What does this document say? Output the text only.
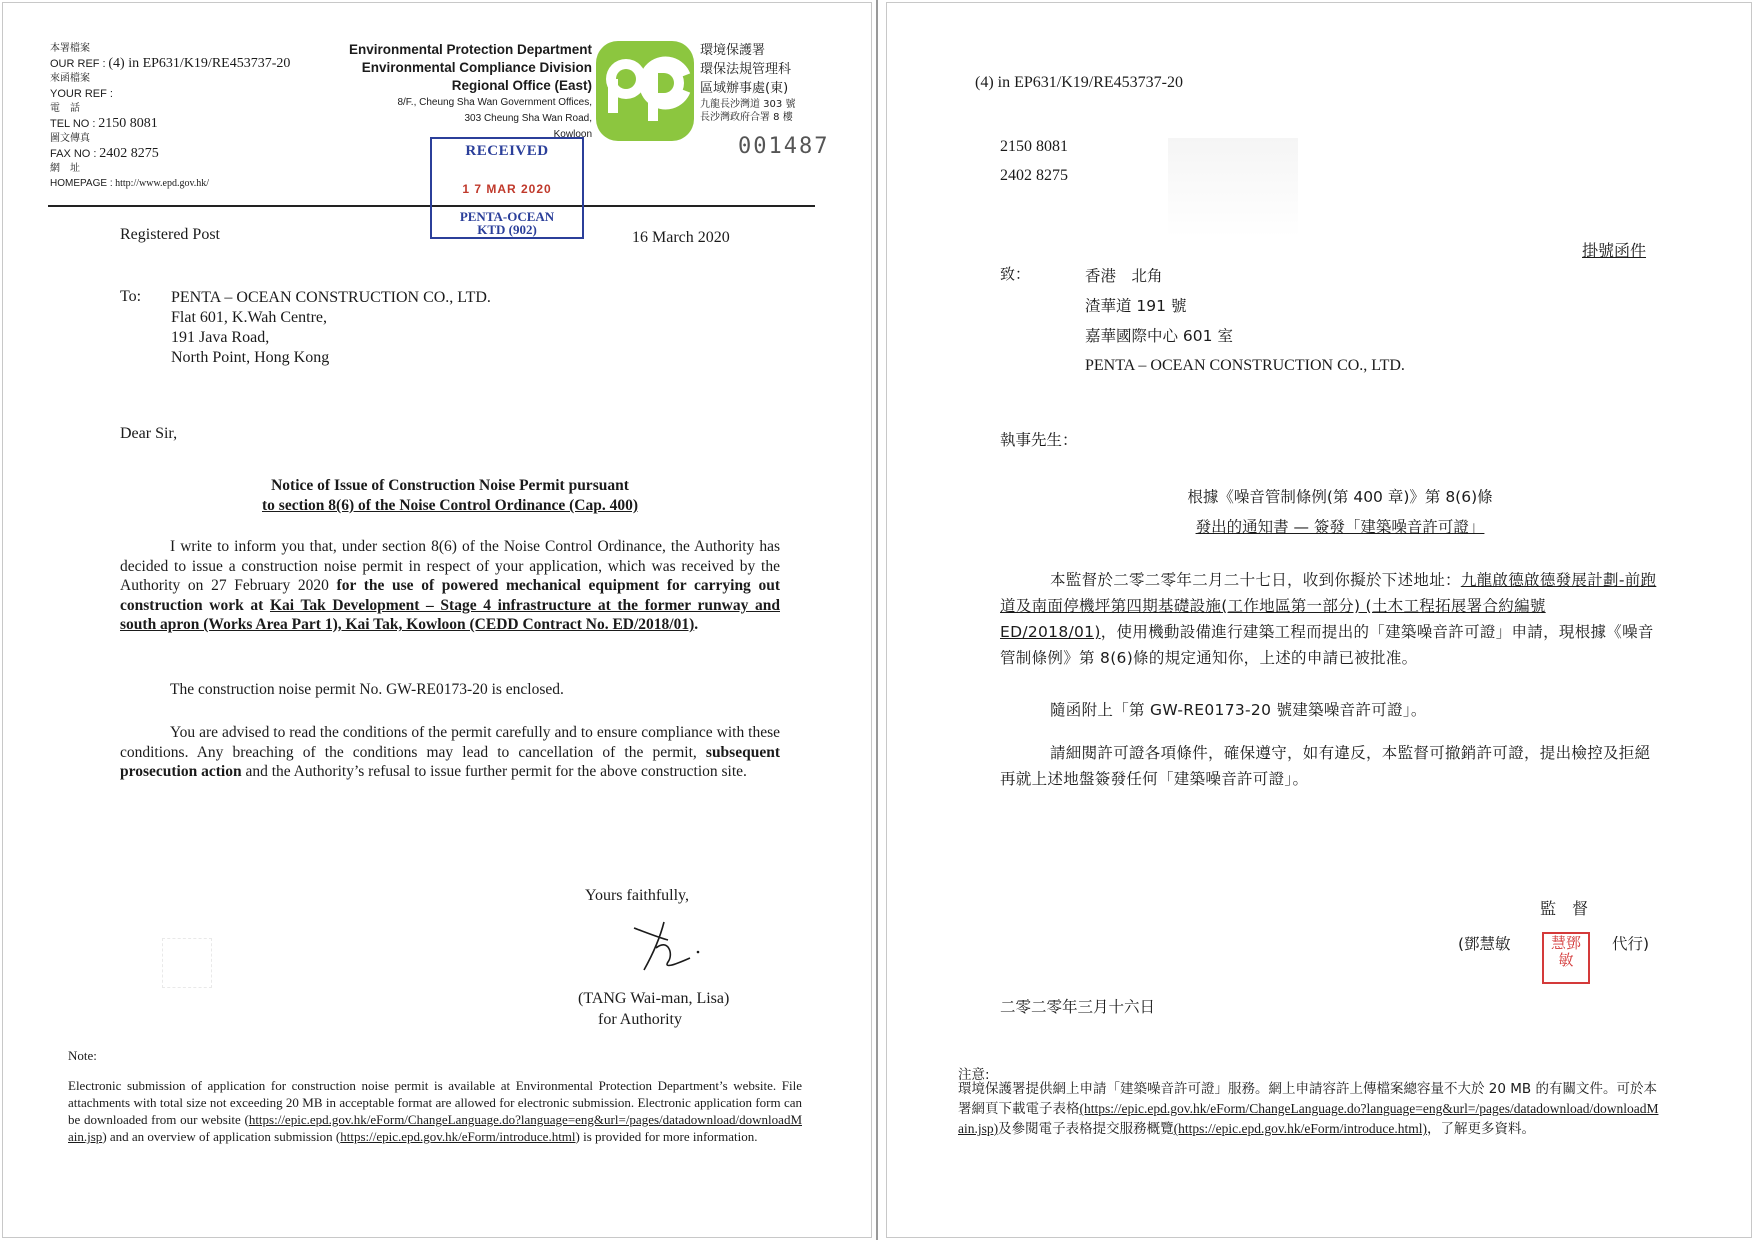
本署檔案
OUR REF : (4) in EP631/K19/RE453737-20
來函檔案
YOUR REF :
電　話
TEL NO : 2150 8081
圖文傳真
FAX NO : 2402 8275
網　址
HOMEPAGE : http://www.epd.gov.hk/
Environmental Protection Department
Environmental Compliance Division
Regional Office (East)
8/F., Cheung Sha Wan Government Offices,
303 Cheung Sha Wan Road,
Kowloon
環境保護署
環保法規管理科
區域辦事處(東)
九龍長沙灣道 303 號
長沙灣政府合署 8 樓
001487
RECEIVED
1 7 MAR 2020
PENTA-OCEAN
KTD (902)
Registered Post	16 March 2020
To: PENTA – OCEAN CONSTRUCTION CO., LTD.
Flat 601, K.Wah Centre,
191 Java Road,
North Point, Hong Kong
Dear Sir,
Notice of Issue of Construction Noise Permit pursuant
to section 8(6) of the Noise Control Ordinance (Cap. 400)
I write to inform you that, under section 8(6) of the Noise Control Ordinance, the Authority has decided to issue a construction noise permit in respect of your application, which was received by the Authority on 27 February 2020 for the use of powered mechanical equipment for carrying out construction work at Kai Tak Development – Stage 4 infrastructure at the former runway and south apron (Works Area Part 1), Kai Tak, Kowloon (CEDD Contract No. ED/2018/01).
The construction noise permit No. GW-RE0173-20 is enclosed.
You are advised to read the conditions of the permit carefully and to ensure compliance with these conditions. Any breaching of the conditions may lead to cancellation of the permit, subsequent prosecution action and the Authority’s refusal to issue further permit for the above construction site.
Yours faithfully,
(TANG Wai-man, Lisa)
for Authority
Note:
Electronic submission of application for construction noise permit is available at Environmental Protection Department’s website. File attachments with total size not exceeding 20 MB in acceptable format are allowed for electronic submission. Electronic application form can be downloaded from our website (https://epic.epd.gov.hk/eForm/ChangeLanguage.do?language=eng&url=/pages/datadownload/downloadMain.jsp) and an overview of application submission (https://epic.epd.gov.hk/eForm/introduce.html) is provided for more information.
(4) in EP631/K19/RE453737-20
2150 8081
2402 8275
掛號函件
致：	香港　北角
渣華道 191 號
嘉華國際中心 601 室
PENTA – OCEAN CONSTRUCTION CO., LTD.
執事先生：
根據《噪音管制條例(第 400 章)》第 8(6)條
發出的通知書 — 簽發「建築噪音許可證」
本監督於二零二零年二月二十七日，收到你擬於下述地址：九龍啟德啟德發展計劃-前跑道及南面停機坪第四期基礎設施(工作地區第一部分) (土木工程拓展署合約編號 ED/2018/01)，使用機動設備進行建築工程而提出的「建築噪音許可證」申請，現根據《噪音管制條例》第 8(6)條的規定通知你，上述的申請已被批准。
隨函附上「第 GW-RE0173-20 號建築噪音許可證」。
請細閱許可證各項條件，確保遵守，如有違反，本監督可撤銷許可證，提出檢控及拒絕再就上述地盤簽發任何「建築噪音許可證」。
監　督
(鄧慧敏	慧鄧敏
代行)
二零二零年三月十六日
注意:
環境保護署提供網上申請「建築噪音許可證」服務。網上申請容許上傳檔案總容量不大於 20 MB 的有關文件。可於本署網頁下載電子表格(https://epic.epd.gov.hk/eForm/ChangeLanguage.do?language=eng&url=/pages/datadownload/downloadMain.jsp)及參閱電子表格提交服務概覽(https://epic.epd.gov.hk/eForm/introduce.html)，了解更多資料。
